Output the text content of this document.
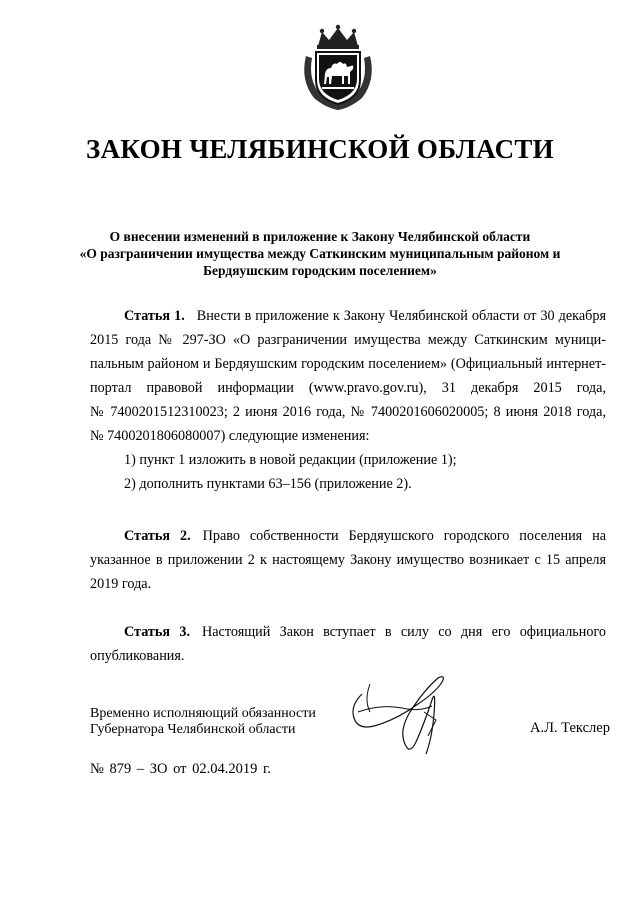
ЗАКОН ЧЕЛЯБИНСКОЙ ОБЛАСТИ
О внесении изменений в приложение к Закону Челябинской области
«О разграничении имущества между Саткинским муниципальным районом и
Бердяушским городским поселением»
Статья 1. Внести в приложение к Закону Челябинской области от 30 декабря
2015 года № 297-ЗО «О разграничении имущества между Саткинским муници-
пальным районом и Бердяушским городским поселением» (Официальный интернет-
портал правовой информации (www.pravo.gov.ru), 31 декабря 2015 года,
№ 7400201512310023; 2 июня 2016 года, № 7400201606020005; 8 июня 2018 года,
№ 7400201806080007) следующие изменения:
1) пункт 1 изложить в новой редакции (приложение 1);
2) дополнить пунктами 63–156 (приложение 2).
Статья 2. Право собственности Бердяушского городского поселения на
указанное в приложении 2 к настоящему Закону имущество возникает с 15 апреля
2019 года.
Статья 3. Настоящий Закон вступает в силу со дня его официального
опубликования.
Временно исполняющий обязанности
Губернатора Челябинской области	А.Л. Текслер
№ 879 – ЗО от 02.04.2019 г.
